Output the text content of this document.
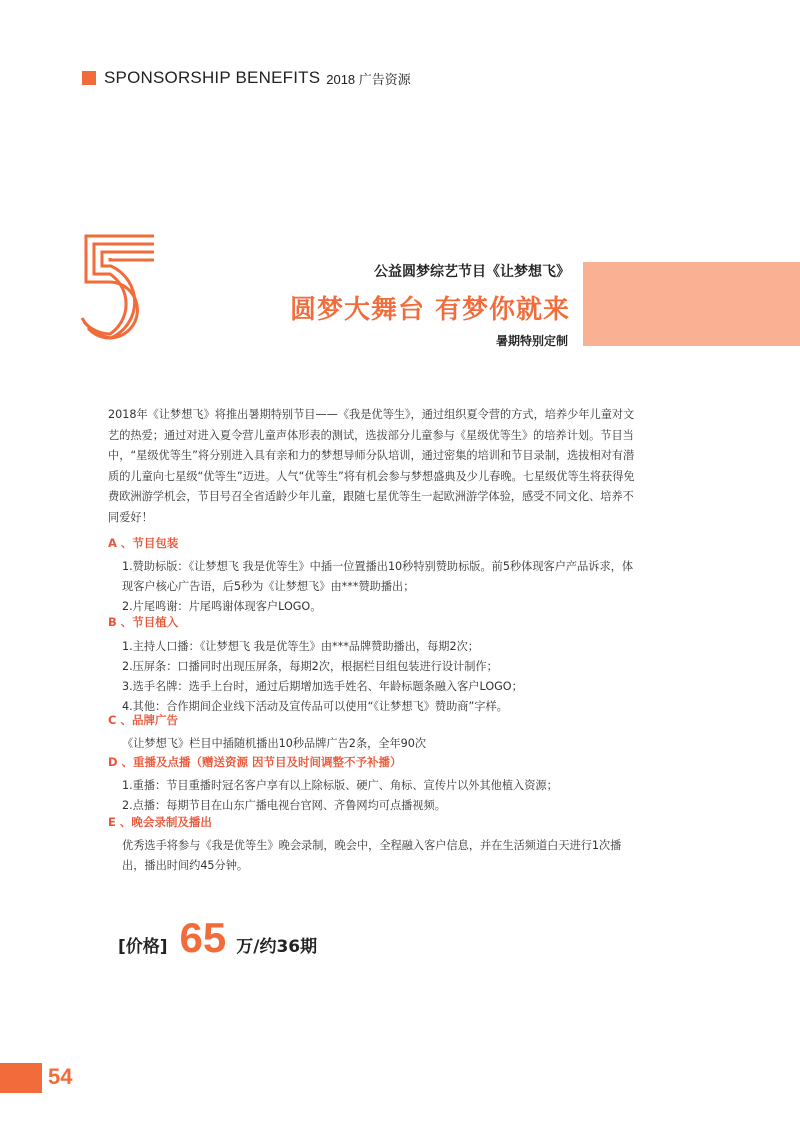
SPONSORSHIP BENEFITS 2018 广告资源
公益圆梦综艺节目《让梦想飞》
圆梦大舞台 有梦你就来
暑期特别定制

2018年《让梦想飞》将推出暑期特别节目——《我是优等生》，通过组织夏令营的方式，培养少年儿童对文艺的热爱；通过对进入夏令营儿童声体形表的测试，选拔部分儿童参与《星级优等生》的培养计划。节目当中，“星级优等生”将分别进入具有亲和力的梦想导师分队培训，通过密集的培训和节目录制，选拔相对有潜质的儿童向七星级“优等生”迈进。人气“优等生”将有机会参与梦想盛典及少儿春晚。七星级优等生将获得免费欧洲游学机会，节目号召全省适龄少年儿童，跟随七星优等生一起欧洲游学体验，感受不同文化、培养不同爱好！

A 、节目包装

1.赞助标版：《让梦想飞 我是优等生》中插一位置播出10秒特别赞助标版。前5秒体现客户产品诉求，体现客户核心广告语，后5秒为《让梦想飞》由***赞助播出；

2.片尾鸣谢：片尾鸣谢体现客户LOGO。

B 、节目植入

1.主持人口播：《让梦想飞 我是优等生》由***品牌赞助播出，每期2次；

2.压屏条：口播同时出现压屏条，每期2次，根据栏目组包装进行设计制作；

3.选手名牌：选手上台时，通过后期增加选手姓名、年龄标题条融入客户LOGO；

4.其他：合作期间企业线下活动及宣传品可以使用“《让梦想飞》赞助商”字样。

C 、品牌广告

《让梦想飞》栏目中插随机播出10秒品牌广告2条，全年90次

D 、重播及点播（赠送资源 因节目及时间调整不予补播）

1.重播：节目重播时冠名客户享有以上除标版、硬广、角标、宣传片以外其他植入资源；

2.点播：每期节目在山东广播电视台官网、齐鲁网均可点播视频。

E 、晚会录制及播出

优秀选手将参与《我是优等生》晚会录制，晚会中，全程融入客户信息，并在生活频道白天进行1次播出，播出时间约45分钟。

[价格] 65 万/约36期
54
